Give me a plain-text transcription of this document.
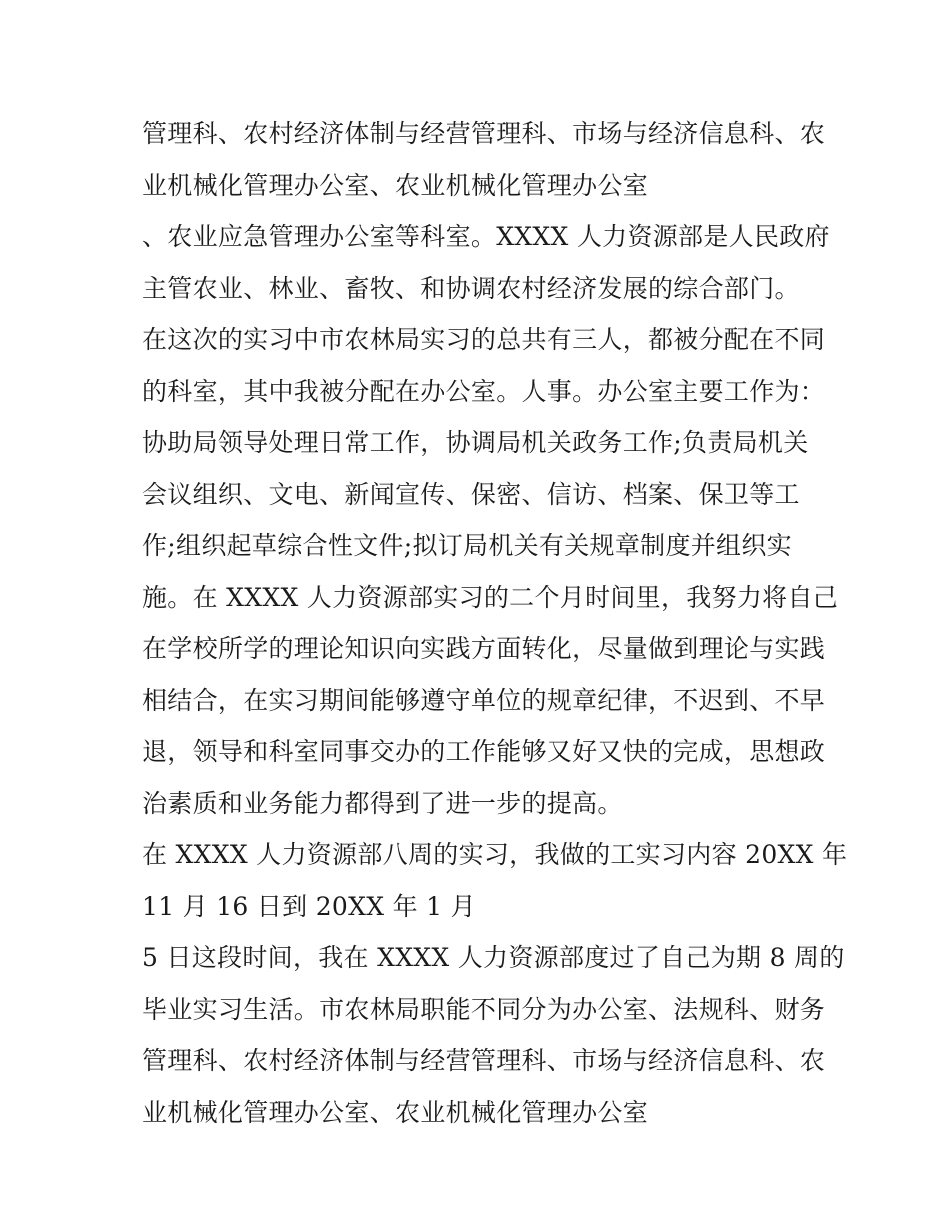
管理科、农村经济体制与经营管理科、市场与经济信息科、农
业机械化管理办公室、农业机械化管理办公室
、农业应急管理办公室等科室。XXXX 人力资源部是人民政府
主管农业、林业、畜牧、和协调农村经济发展的综合部门。
在这次的实习中市农林局实习的总共有三人，都被分配在不同
的科室，其中我被分配在办公室。人事。办公室主要工作为：
协助局领导处理日常工作，协调局机关政务工作;负责局机关
会议组织、文电、新闻宣传、保密、信访、档案、保卫等工
作;组织起草综合性文件;拟订局机关有关规章制度并组织实
施。在 XXXX 人力资源部实习的二个月时间里，我努力将自己
在学校所学的理论知识向实践方面转化，尽量做到理论与实践
相结合，在实习期间能够遵守单位的规章纪律，不迟到、不早
退，领导和科室同事交办的工作能够又好又快的完成，思想政
治素质和业务能力都得到了进一步的提高。
在 XXXX 人力资源部八周的实习，我做的工实习内容 20XX 年
11 月 16 日到 20XX 年 1 月
5 日这段时间，我在 XXXX 人力资源部度过了自己为期 8 周的
毕业实习生活。市农林局职能不同分为办公室、法规科、财务
管理科、农村经济体制与经营管理科、市场与经济信息科、农
业机械化管理办公室、农业机械化管理办公室
